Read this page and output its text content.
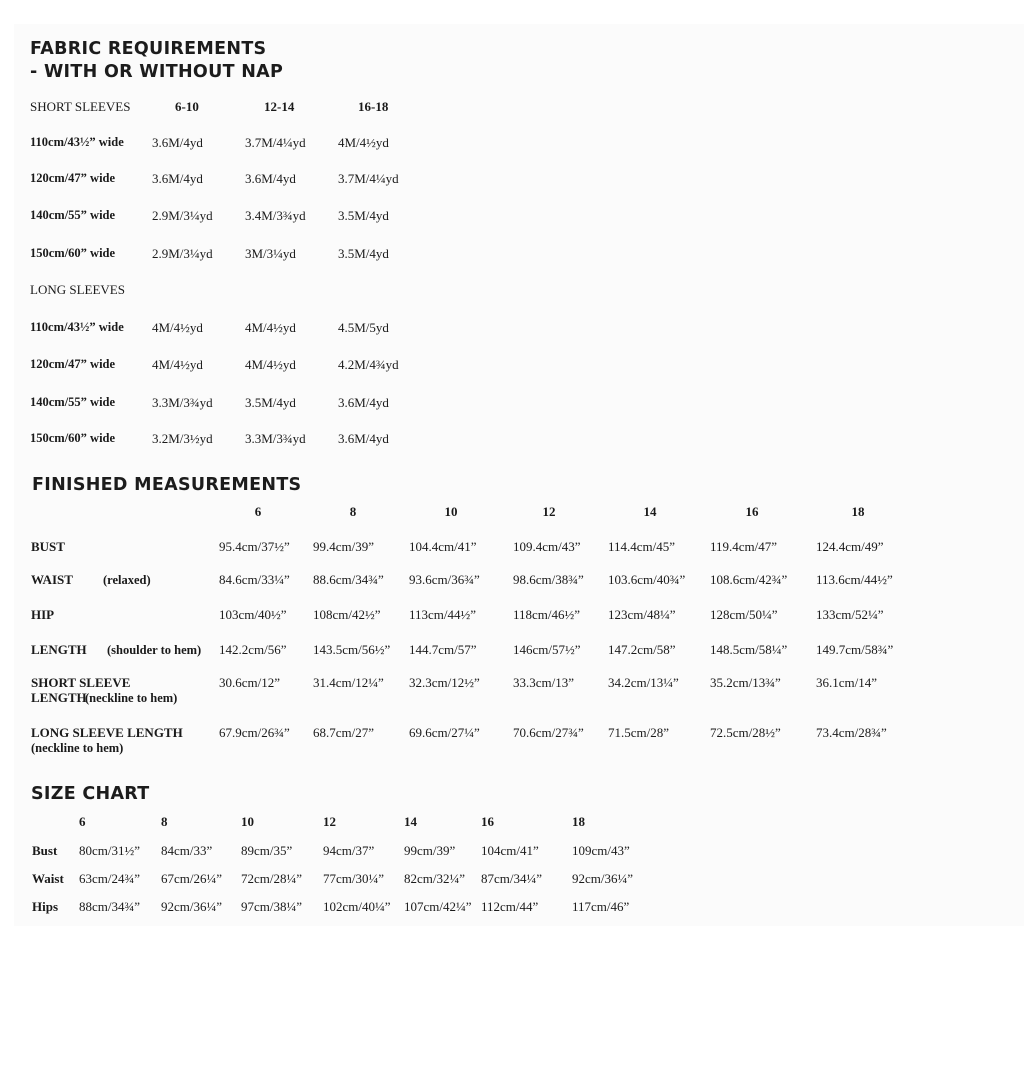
FABRIC REQUIREMENTS
- WITH OR WITHOUT NAP
SHORT SLEEVES	6-10	12-14	16-18
110cm/43½” wide 3.6M/4yd	3.7M/4¼yd 4M/4½yd
120cm/47” wide	3.6M/4yd	3.6M/4yd	3.7M/4¼yd
140cm/55” wide	2.9M/3¼yd 3.4M/3¾yd 3.5M/4yd
150cm/60” wide	2.9M/3¼yd 3M/3¼yd	3.5M/4yd
LONG SLEEVES
110cm/43½” wide 4M/4½yd	4M/4½yd	4.5M/5yd
120cm/47” wide	4M/4½yd	4M/4½yd	4.2M/4¾yd
140cm/55” wide	3.3M/3¾yd 3.5M/4yd	3.6M/4yd
150cm/60” wide	3.2M/3½yd 3.3M/3¾yd 3.6M/4yd
FINISHED MEASUREMENTS
6	8	10	12	14	16	18
BUST	95.4cm/37½” 99.4cm/39”	104.4cm/41”	109.4cm/43” 114.4cm/45”	119.4cm/47”	124.4cm/49”
WAIST (relaxed)	84.6cm/33¼” 88.6cm/34¾” 93.6cm/36¾”	98.6cm/38¾” 103.6cm/40¾” 108.6cm/42¾” 113.6cm/44½”
HIP	103cm/40½” 108cm/42½” 113cm/44½”	118cm/46½” 123cm/48¼”	128cm/50¼”	133cm/52¼”
LENGTH (shoulder to hem) 142.2cm/56” 143.5cm/56½” 144.7cm/57”	146cm/57½” 147.2cm/58”	148.5cm/58¼” 149.7cm/58¾”
SHORT SLEEVE
LENGTH
(neckline to hem)
30.6cm/12”	31.4cm/12¼” 32.3cm/12½”	33.3cm/13”	34.2cm/13¼” 35.2cm/13¾”	36.1cm/14”
LONG SLEEVE LENGTH
(neckline to hem)
67.9cm/26¾” 68.7cm/27”	69.6cm/27¼”	70.6cm/27¾” 71.5cm/28”	72.5cm/28½”	73.4cm/28¾”
SIZE CHART
6	8	10	12	14	16	18
Bust 80cm/31½” 84cm/33” 89cm/35” 94cm/37” 99cm/39” 104cm/41”	109cm/43”
Waist 63cm/24¾” 67cm/26¼” 72cm/28¼” 77cm/30¼” 82cm/32¼” 87cm/34¼” 92cm/36¼”
Hips 88cm/34¾” 92cm/36¼” 97cm/38¼” 102cm/40¼” 107cm/42¼” 112cm/44”	117cm/46”
